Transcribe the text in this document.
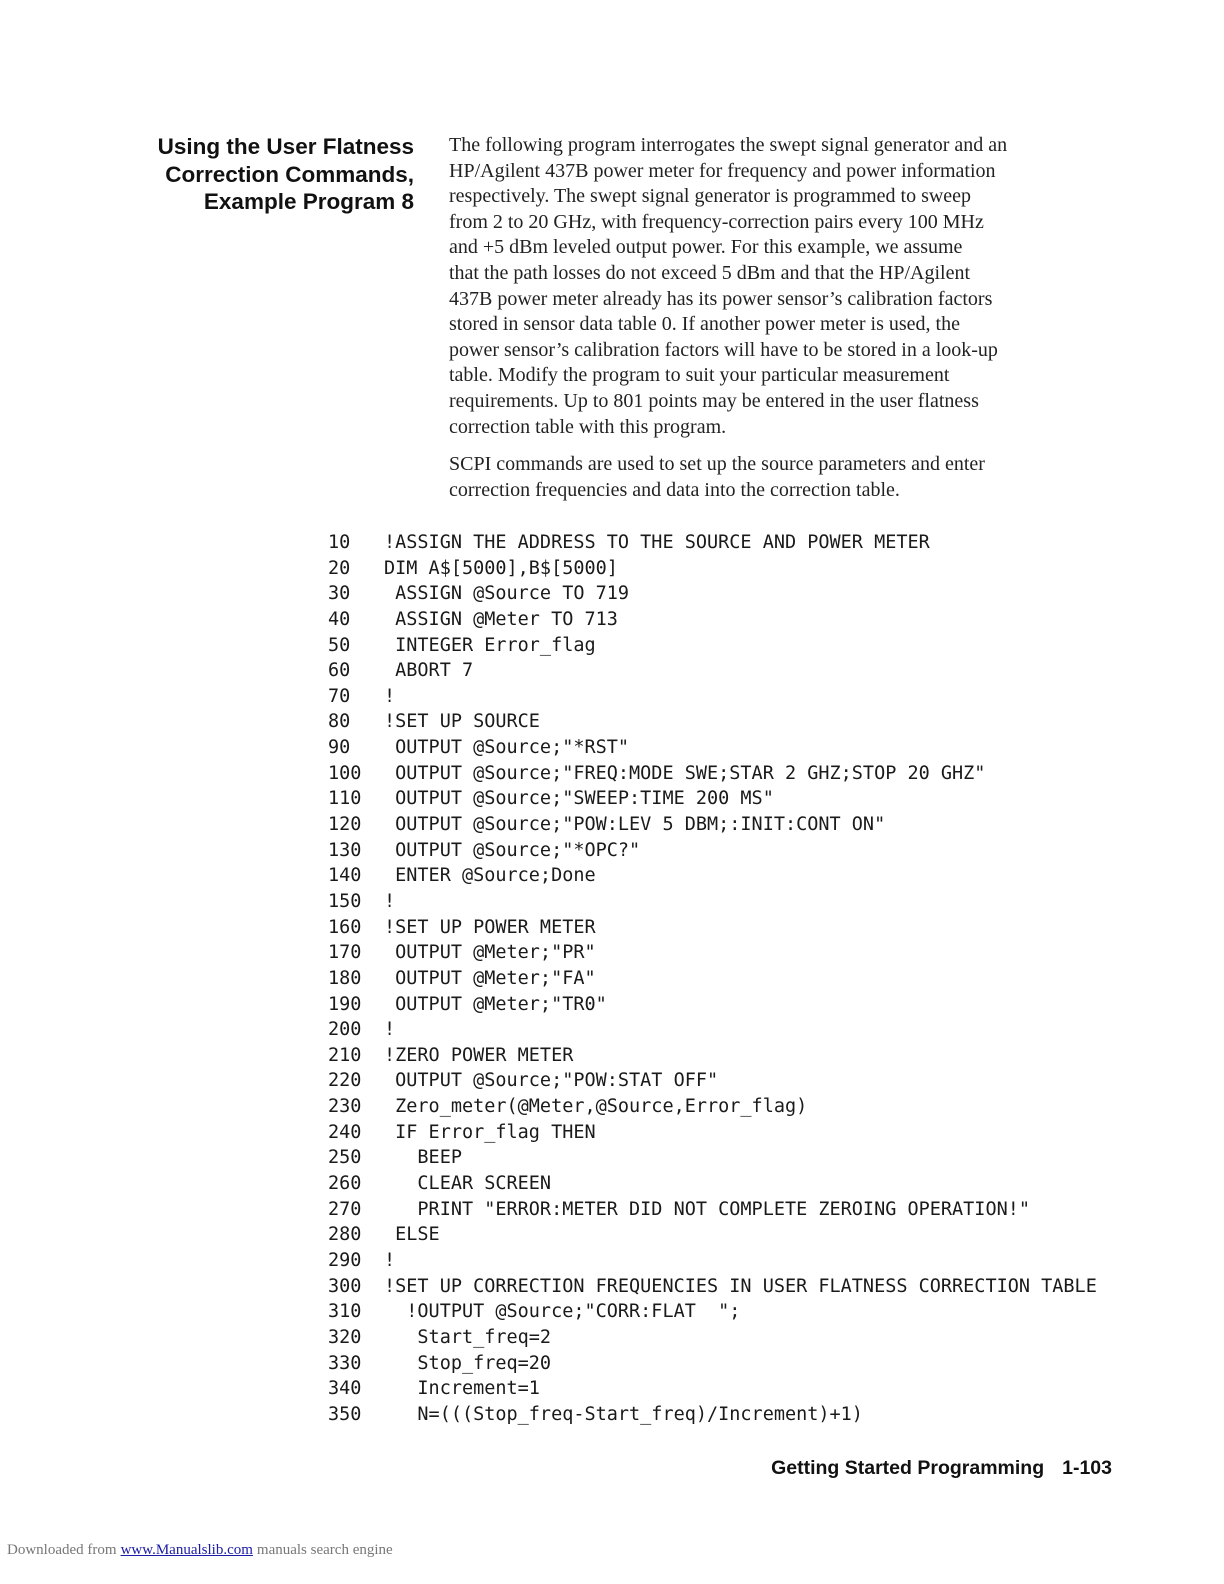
Using the User Flatness
Correction Commands,
Example Program 8

The following program interrogates the swept signal generator and an
HP/Agilent 437B power meter for frequency and power information
respectively. The swept signal generator is programmed to sweep
from 2 to 20 GHz, with frequency-correction pairs every 100 MHz
and +5 dBm leveled output power. For this example, we assume
that the path losses do not exceed 5 dBm and that the HP/Agilent
437B power meter already has its power sensor’s calibration factors
stored in sensor data table 0. If another power meter is used, the
power sensor’s calibration factors will have to be stored in a look-up
table. Modify the program to suit your particular measurement
requirements. Up to 801 points may be entered in the user flatness
correction table with this program.

SCPI commands are used to set up the source parameters and enter
correction frequencies and data into the correction table.

10	!ASSIGN THE ADDRESS TO THE SOURCE AND POWER METER
20	DIM A$[5000],B$[5000]
30	ASSIGN @Source TO 719
40	ASSIGN @Meter TO 713
50	INTEGER Error_flag
60	ABORT 7
70	!
80	!SET UP SOURCE
90	OUTPUT @Source;"*RST"
100	OUTPUT @Source;"FREQ:MODE SWE;STAR 2 GHZ;STOP 20 GHZ"
110	OUTPUT @Source;"SWEEP:TIME 200 MS"
120	OUTPUT @Source;"POW:LEV 5 DBM;:INIT:CONT ON"
130	OUTPUT @Source;"*OPC?"
140	ENTER @Source;Done
150	!
160	!SET UP POWER METER
170	OUTPUT @Meter;"PR"
180	OUTPUT @Meter;"FA"
190	OUTPUT @Meter;"TR0"
200	!
210	!ZERO POWER METER
220	OUTPUT @Source;"POW:STAT OFF"
230	Zero_meter(@Meter,@Source,Error_flag)
240	IF Error_flag THEN
250	BEEP
260	CLEAR SCREEN
270	PRINT "ERROR:METER DID NOT COMPLETE ZEROING OPERATION!"
280	ELSE
290	!
300	!SET UP CORRECTION FREQUENCIES IN USER FLATNESS CORRECTION TABLE
310	!OUTPUT @Source;"CORR:FLAT  ";
320	Start_freq=2
330	Stop_freq=20
340	Increment=1
350	N=(((Stop_freq-Start_freq)/Increment)+1)
Getting Started Programming 1-103
Downloaded from www.Manualslib.com manuals search engine
